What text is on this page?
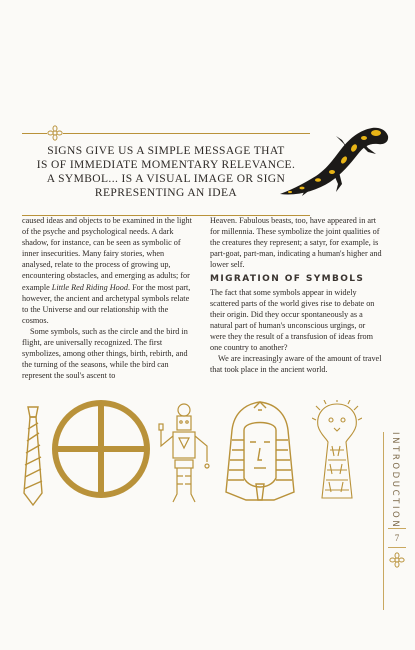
SIGNS GIVE US A SIMPLE MESSAGE THAT
IS OF IMMEDIATE MOMENTARY RELEVANCE.
A SYMBOL... IS A VISUAL IMAGE OR SIGN
REPRESENTING AN IDEA

caused ideas and objects to be examined in the light of the psyche and psychological needs. A dark shadow, for instance, can be seen as symbolic of inner insecurities. Many fairy stories, when analysed, relate to the process of growing up, encountering obstacles, and emerging as adults; for example Little Red Riding Hood. For the most part, however, the ancient and archetypal symbols relate to the Universe and our relationship with the cosmos.

Some symbols, such as the circle and the bird in flight, are universally recognized. The first symbolizes, among other things, birth, rebirth, and the turning of the seasons, while the bird can represent the soul's ascent to

Heaven. Fabulous beasts, too, have appeared in art for millennia. These symbolize the joint qualities of the creatures they represent; a satyr, for example, is part-goat, part-man, indicating a human's higher and lower self.

MIGRATION OF SYMBOLS

The fact that some symbols appear in widely scattered parts of the world gives rise to debate on their origin. Did they occur spontaneously as a natural part of human's unconscious urgings, or were they the result of a transfusion of ideas from one country to another?

We are increasingly aware of the amount of travel that took place in the ancient world.

INTRODUCTION
7
